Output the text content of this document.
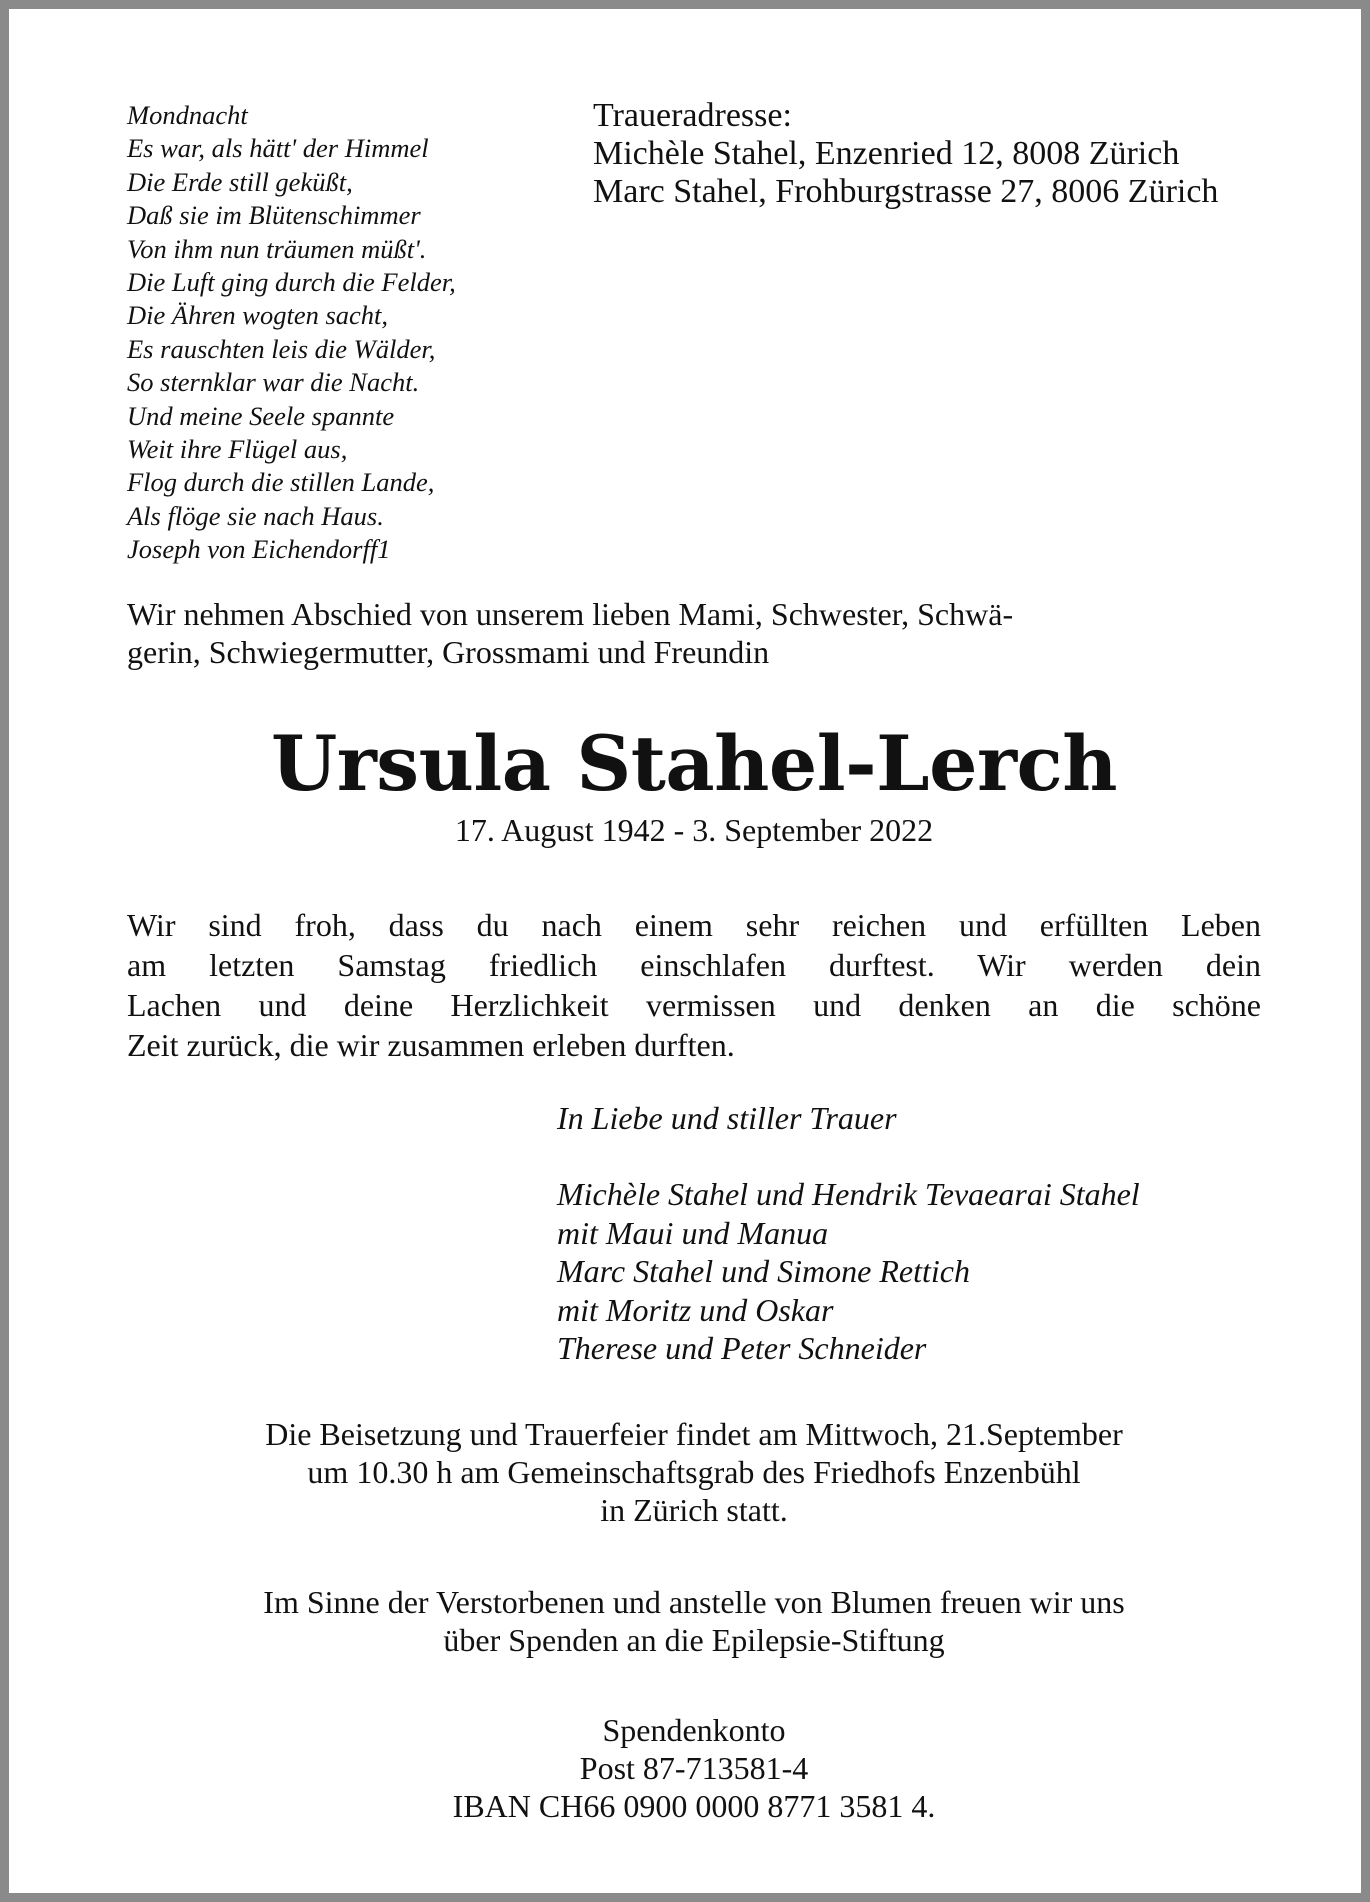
Mondnacht
Es war, als hätt' der Himmel
Die Erde still geküßt,
Daß sie im Blütenschimmer
Von ihm nun träumen müßt'.
Die Luft ging durch die Felder,
Die Ähren wogten sacht,
Es rauschten leis die Wälder,
So sternklar war die Nacht.
Und meine Seele spannte
Weit ihre Flügel aus,
Flog durch die stillen Lande,
Als flöge sie nach Haus.
Joseph von Eichendorff1
Traueradresse:
Michèle Stahel, Enzenried 12, 8008 Zürich
Marc Stahel, Frohburgstrasse 27, 8006 Zürich
Wir nehmen Abschied von unserem lieben Mami, Schwester, Schwä-
gerin, Schwiegermutter, Grossmami und Freundin
Ursula Stahel-Lerch
17. August 1942 - 3. September 2022
Wir sind froh, dass du nach einem sehr reichen und erfüllten Leben
am letzten Samstag friedlich einschlafen durftest. Wir werden dein
Lachen und deine Herzlichkeit vermissen und denken an die schöne
Zeit zurück, die wir zusammen erleben durften.
In Liebe und stiller Trauer
Michèle Stahel und Hendrik Tevaearai Stahel
mit Maui und Manua
Marc Stahel und Simone Rettich
mit Moritz und Oskar
Therese und Peter Schneider
Die Beisetzung und Trauerfeier findet am Mittwoch, 21.September
um 10.30 h am Gemeinschaftsgrab des Friedhofs Enzenbühl
in Zürich statt.
Im Sinne der Verstorbenen und anstelle von Blumen freuen wir uns
über Spenden an die Epilepsie-Stiftung
Spendenkonto
Post 87-713581-4
IBAN CH66 0900 0000 8771 3581 4.
